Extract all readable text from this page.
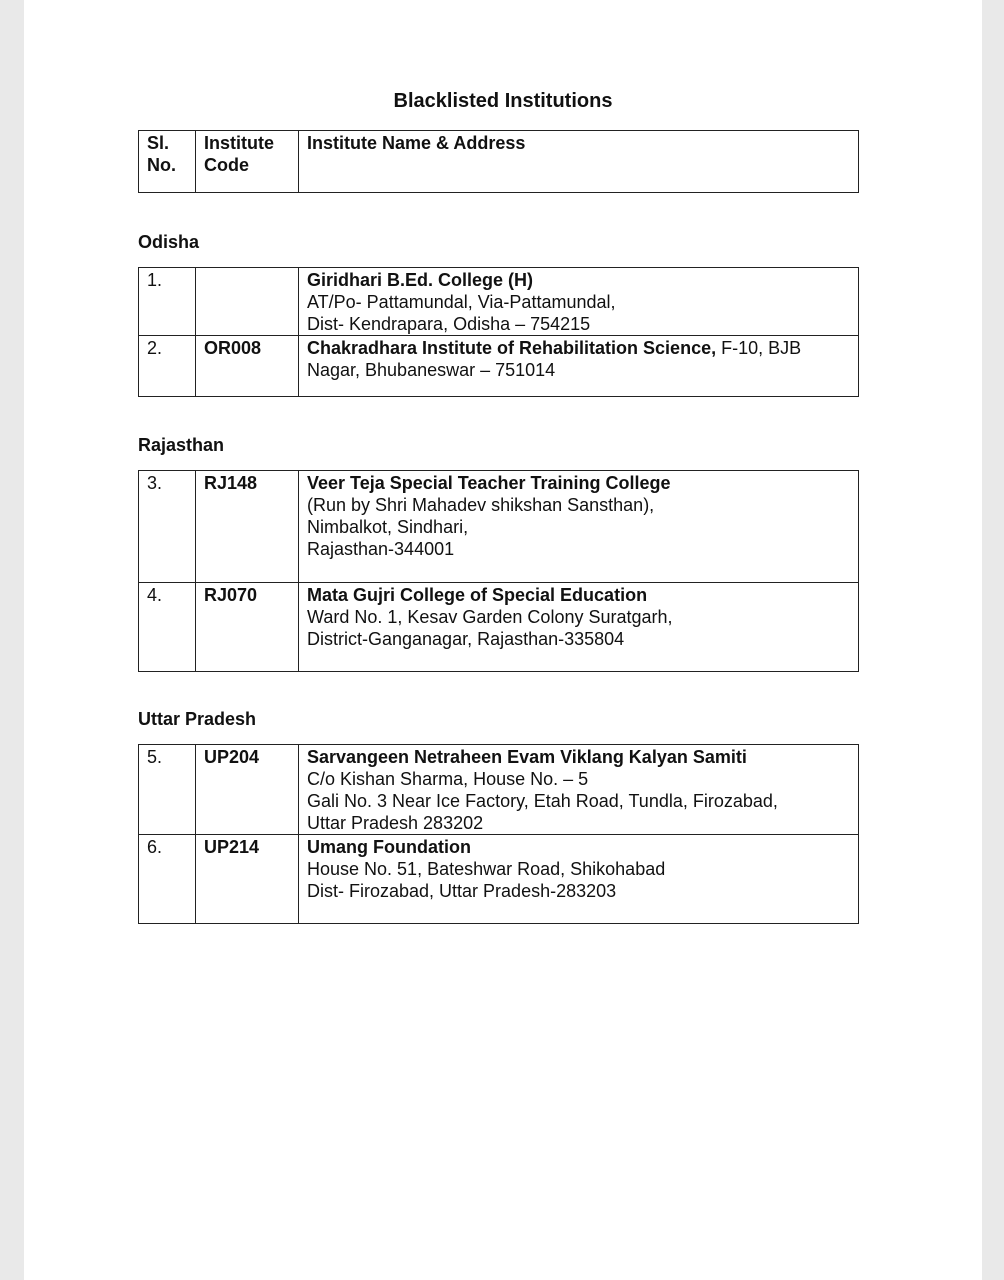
Blacklisted Institutions
Sl. No.	Institute Code	Institute Name & Address
Odisha
1.		Giridhari B.Ed. College (H)
AT/Po- Pattamundal, Via-Pattamundal,
Dist- Kendrapara, Odisha – 754215

2.	OR008	Chakradhara Institute of Rehabilitation Science, F-10, BJB
Nagar, Bhubaneswar – 751014
Rajasthan
3.	RJ148	Veer Teja Special Teacher Training College
(Run by Shri Mahadev shikshan Sansthan),
Nimbalkot, Sindhari,
Rajasthan-344001

4.	RJ070	Mata Gujri College of Special Education
Ward No. 1, Kesav Garden Colony Suratgarh,
District-Ganganagar, Rajasthan-335804
Uttar Pradesh
5.	UP204	Sarvangeen Netraheen Evam Viklang Kalyan Samiti
C/o Kishan Sharma, House No. – 5
Gali No. 3 Near Ice Factory, Etah Road, Tundla, Firozabad,
Uttar Pradesh 283202

6.	UP214	Umang Foundation
House No. 51, Bateshwar Road, Shikohabad
Dist- Firozabad, Uttar Pradesh-283203
